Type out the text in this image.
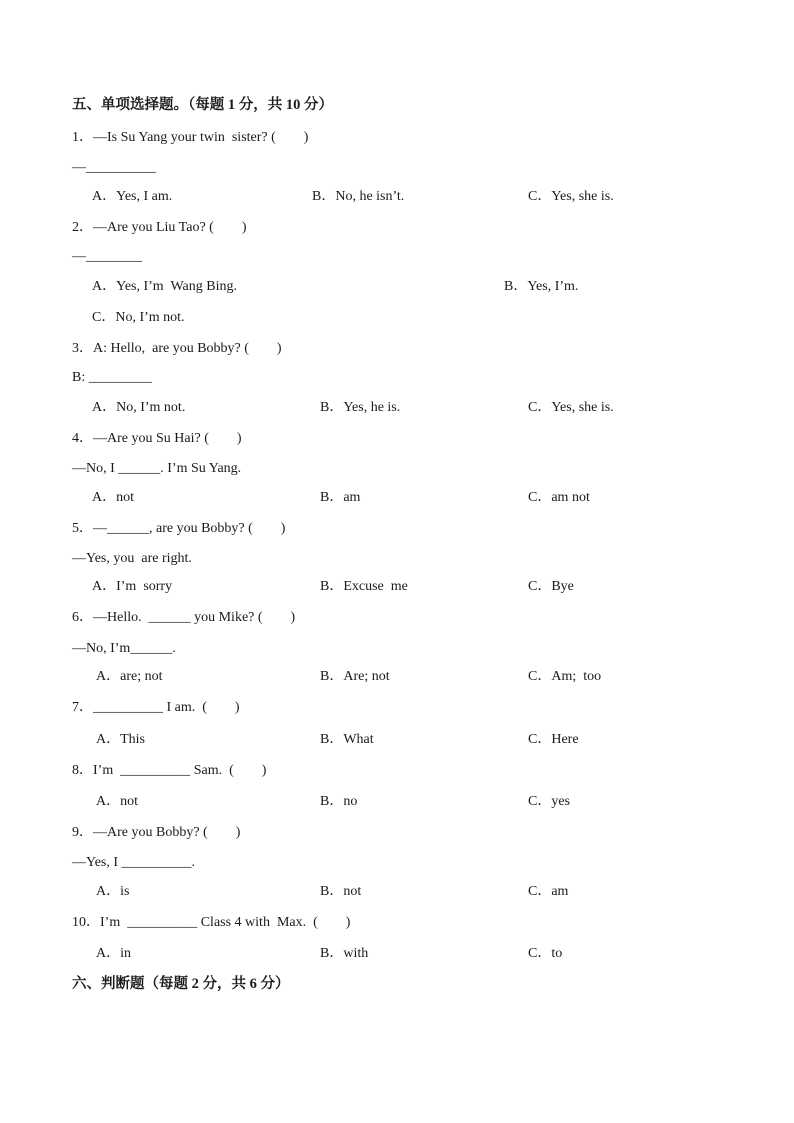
五、单项选择题。（每题 1 分，共 10 分）
1．—Is Su Yang your twin  sister? (        )
—__________
A．Yes, I am.	B．No, he isn’t.	C．Yes, she is.
2．—Are you Liu Tao? (        )
—________
A．Yes, I’m  Wang Bing.	B．Yes, I’m.
C．No, I’m not.
3．A: Hello,  are you Bobby? (        )
B: _________
A．No, I’m not.	B．Yes, he is.	C．Yes, she is.
4．—Are you Su Hai? (        )
—No, I ______. I’m Su Yang.
A．not	B．am	C．am not
5．—______, are you Bobby? (        )
—Yes, you  are right.
A．I’m  sorry	B．Excuse  me	C．Bye
6．—Hello.  ______ you Mike? (        )
—No, I’m______.
A．are; not	B．Are; not	C．Am;  too
7．__________ I am.  (        )
A．This	B．What	C．Here
8．I’m  __________ Sam.  (        )
A．not	B．no	C．yes
9．—Are you Bobby? (        )
—Yes, I __________.
A．is	B．not	C．am
10．I’m  __________ Class 4 with  Max.  (        )
A．in	B．with	C．to
六、判断题（每题 2 分，共 6 分）
